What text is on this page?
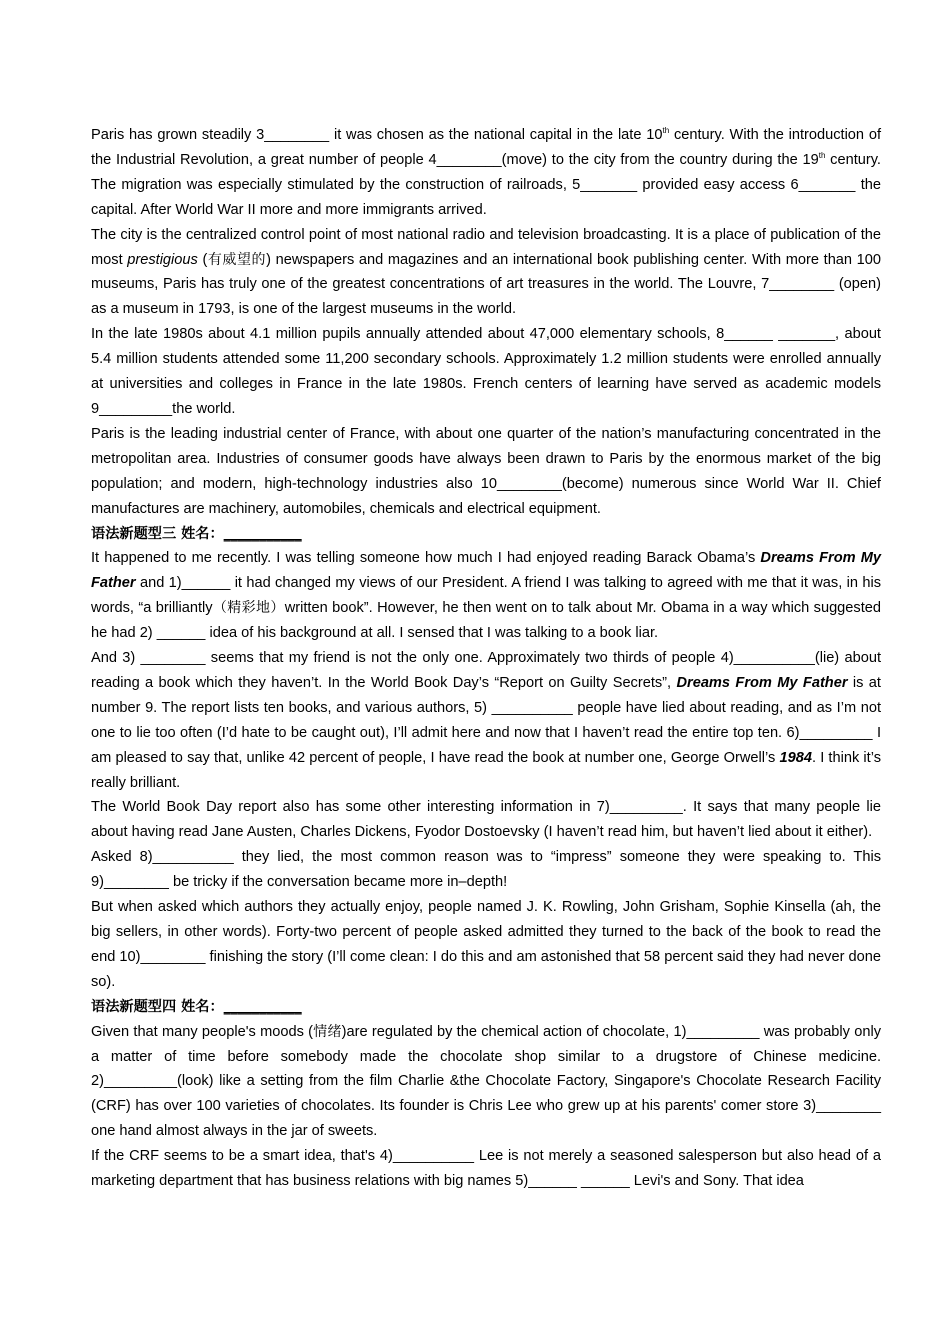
Paris has grown steadily 3________ it was chosen as the national capital in the late 10th century. With the introduction of the Industrial Revolution, a great number of people 4________(move) to the city from the country during the 19th century. The migration was especially stimulated by the construction of railroads, 5_______ provided easy access 6_______ the capital. After World War II more and more immigrants arrived.

The city is the centralized control point of most national radio and television broadcasting. It is a place of publication of the most prestigious (有威望的) newspapers and magazines and an international book publishing center. With more than 100 museums, Paris has truly one of the greatest concentrations of art treasures in the world. The Louvre, 7________ (open) as a museum in 1793, is one of the largest museums in the world.

In the late 1980s about 4.1 million pupils annually attended about 47,000 elementary schools, 8______ _______, about 5.4 million students attended some 11,200 secondary schools. Approximately 1.2 million students were enrolled annually at universities and colleges in France in the late 1980s. French centers of learning have served as academic models 9_________the world.

Paris is the leading industrial center of France, with about one quarter of the nation’s manufacturing concentrated in the metropolitan area. Industries of consumer goods have always been drawn to Paris by the enormous market of the big population; and modern, high-technology industries also 10________(become) numerous since World War II. Chief manufactures are machinery, automobiles, chemicals and electrical equipment.

语法新题型三 姓名：___________

It happened to me recently. I was telling someone how much I had enjoyed reading Barack Obama’s Dreams From My Father and 1)______ it had changed my views of our President. A friend I was talking to agreed with me that it was, in his words, “a brilliantly（精彩地）written book”. However, he then went on to talk about Mr. Obama in a way which suggested he had 2) ______ idea of his background at all. I sensed that I was talking to a book liar.

And 3) ________ seems that my friend is not the only one. Approximately two thirds of people 4)__________(lie) about reading a book which they haven’t. In the World Book Day’s “Report on Guilty Secrets”, Dreams From My Father is at number 9. The report lists ten books, and various authors, 5) __________ people have lied about reading, and as I’m not one to lie too often (I’d hate to be caught out), I’ll admit here and now that I haven’t read the entire top ten. 6)_________ I am pleased to say that, unlike 42 percent of people, I have read the book at number one, George Orwell’s 1984. I think it’s really brilliant.

The World Book Day report also has some other interesting information in 7)_________. It says that many people lie about having read Jane Austen, Charles Dickens, Fyodor Dostoevsky (I haven’t read him, but haven’t lied about it either).

Asked 8)__________ they lied, the most common reason was to “impress” someone they were speaking to. This 9)________ be tricky if the conversation became more in–depth!

But when asked which authors they actually enjoy, people named J. K. Rowling, John Grisham, Sophie Kinsella (ah, the big sellers, in other words). Forty-two percent of people asked admitted they turned to the back of the book to read the end 10)________ finishing the story (I’ll come clean: I do this and am astonished that 58 percent said they had never done so).

语法新题型四 姓名：___________

Given that many people's moods (情绪)are regulated by the chemical action of chocolate, 1)_________ was probably only a matter of time before somebody made the chocolate shop similar to a drugstore of Chinese medicine. 2)_________(look) like a setting from the film Charlie &the Chocolate Factory, Singapore's Chocolate Research Facility (CRF) has over 100 varieties of chocolates. Its founder is Chris Lee who grew up at his parents' comer store 3)________ one hand almost always in the jar of sweets.

If the CRF seems to be a smart idea, that's 4)__________ Lee is not merely a seasoned salesperson but also head of a marketing department that has business relations with big names 5)______ ______ Levi's and Sony. That idea
